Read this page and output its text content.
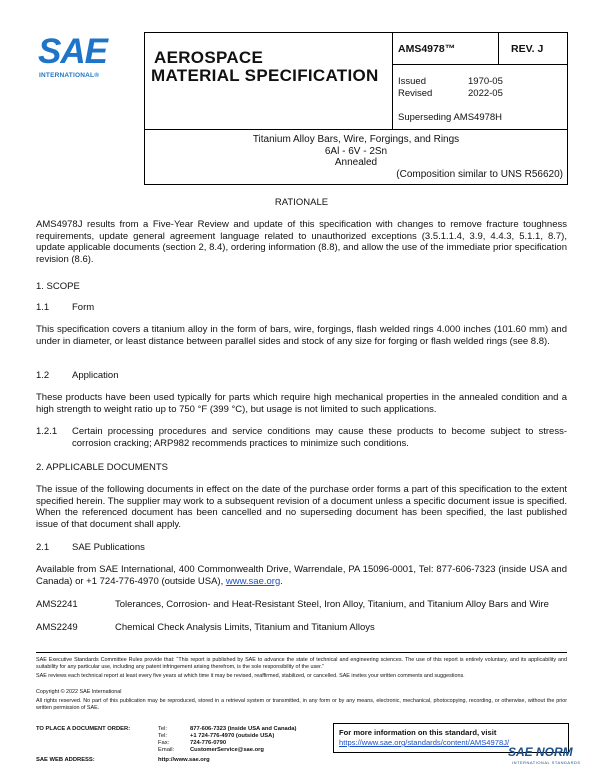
SAE
INTERNATIONAL®
AEROSPACE
MATERIAL SPECIFICATION
AMS4978™	REV. J
Issued	1970-05
Revised	2022-05
Superseding AMS4978H
Titanium Alloy Bars, Wire, Forgings, and Rings
6Al - 6V - 2Sn
Annealed
(Composition similar to UNS R56620)
RATIONALE
AMS4978J results from a Five-Year Review and update of this specification with changes to remove fracture toughness requirements, update general agreement language related to unauthorized exceptions (3.5.1.1.4, 3.9, 4.4.3, 5.1.1, 8.7), update applicable documents (section 2, 8.4), ordering information (8.8), and allow the use of the immediate prior specification revision (8.6).
1. SCOPE
1.1 Form
This specification covers a titanium alloy in the form of bars, wire, forgings, flash welded rings 4.000 inches (101.60 mm) and under in diameter, or least distance between parallel sides and stock of any size for forging or flash welded rings (see 8.8).
1.2 Application
These products have been used typically for parts which require high mechanical properties in the annealed condition and a high strength to weight ratio up to 750 °F (399 °C), but usage is not limited to such applications.
1.2.1	Certain processing procedures and service conditions may cause these products to become subject to stress-corrosion cracking; ARP982 recommends practices to minimize such conditions.
2. APPLICABLE DOCUMENTS
The issue of the following documents in effect on the date of the purchase order forms a part of this specification to the extent specified herein. The supplier may work to a subsequent revision of a document unless a specific document issue is specified. When the referenced document has been cancelled and no superseding document has been specified, the last published issue of that document shall apply.
2.1 SAE Publications
Available from SAE International, 400 Commonwealth Drive, Warrendale, PA 15096-0001, Tel: 877-606-7323 (inside USA and Canada) or +1 724-776-4970 (outside USA), www.sae.org.
AMS2241	Tolerances, Corrosion- and Heat-Resistant Steel, Iron Alloy, Titanium, and Titanium Alloy Bars and Wire
AMS2249	Chemical Check Analysis Limits, Titanium and Titanium Alloys
SAE Executive Standards Committee Rules provide that: “This report is published by SAE to advance the state of technical and engineering sciences. The use of this report is entirely voluntary, and its applicability and suitability for any particular use, including any patent infringement arising therefrom, is the sole responsibility of the user.”
SAE reviews each technical report at least every five years at which time it may be revised, reaffirmed, stabilized, or cancelled. SAE invites your written comments and suggestions.
Copyright © 2022 SAE International
All rights reserved. No part of this publication may be reproduced, stored in a retrieval system or transmitted, in any form or by any means, electronic, mechanical, photocopying, recording, or otherwise, without the prior written permission of SAE.
TO PLACE A DOCUMENT ORDER:	Tel:	877-606-7323 (inside USA and Canada)
Tel:	+1 724-776-4970 (outside USA)
Fax:	724-776-0790
Email:	CustomerService@sae.org
SAE WEB ADDRESS:	http://www.sae.org
For more information on this standard, visit
https://www.sae.org/standards/content/AMS4978J/
SAE NORM
INTERNATIONAL STANDARDS
